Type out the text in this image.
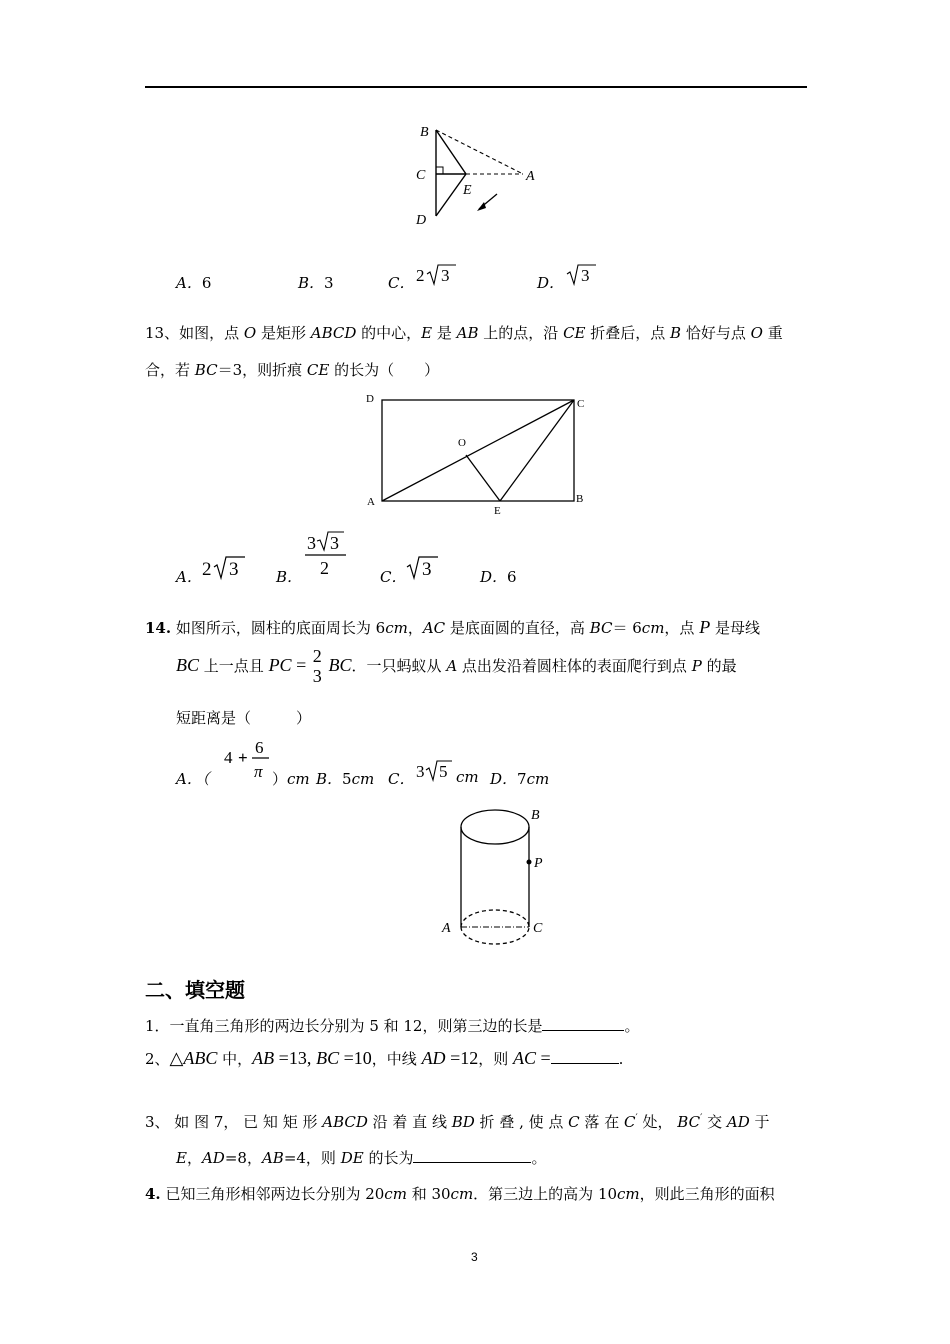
B
C
D
E
A
A．6	B．3	C． 2 3	D． 3
13、如图，点 O 是矩形 ABCD 的中心，E 是 AB 上的点，沿 CE 折叠后，点 B 恰好与点 O 重
合，若 BC＝3，则折痕 CE 的长为（　　）
D	C
O
A
E
B
A． 2 3	B．
3 3
2	C． 3	D．6
14. 如图所示，圆柱的底面周长为 6cm，AC 是底面圆的直径，高 BC＝ 6cm，点 P 是母线
BC 上一点且 PC = 2
3
BC．一只蚂蚁从 A 点出发沿着圆柱体的表面爬行到点 P 的最
短距离是（　　　）
A．（
4 +
6
π ）cm B．5cm C． 3 5 cm D．7cm
B
P
A	C
二、填空题
1．一直角三角形的两边长分别为 5 和 12，则第三边的长是	。
2、△ABC 中，AB =13, BC =10，中线 AD =12，则 AC =	.
3、 如 图 7， 已 知 矩 形 ABCD 沿 着 直 线 BD 折 叠 , 使 点 C 落 在 C′ 处， BC′ 交 AD 于
E，AD=8，AB=4，则 DE 的长为	。
4. 已知三角形相邻两边长分别为 20cm 和 30cm．第三边上的高为 10cm，则此三角形的面积
3
